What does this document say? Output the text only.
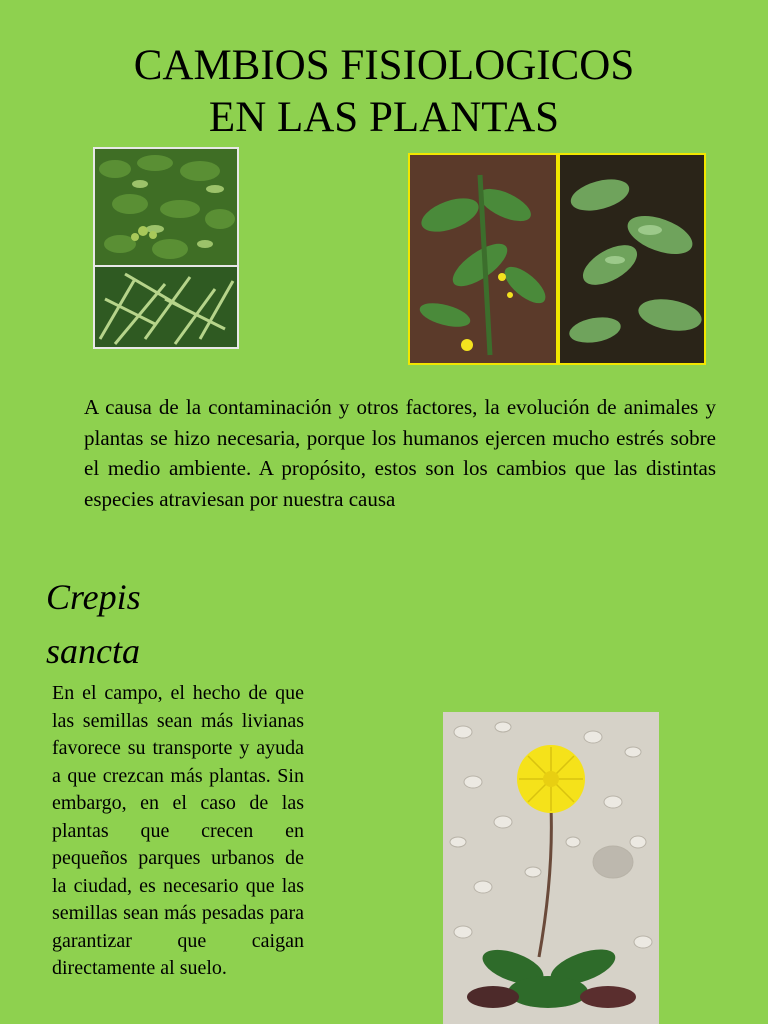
CAMBIOS FISIOLOGICOS
EN LAS PLANTAS

A causa de la contaminación y otros factores, la evolución de animales y plantas se hizo necesaria, porque los humanos ejercen mucho estrés sobre el medio ambiente. A propósito, estos son los cambios que las distintas especies atraviesan por nuestra causa

Crepis
sancta

En el campo, el hecho de que las semillas sean más livianas favorece su transporte y ayuda a que crezcan más plantas. Sin embargo, en el caso de las plantas que crecen en pequeños parques urbanos de la ciudad, es necesario que las semillas sean más pesadas para garantizar que caigan directamente al suelo.
